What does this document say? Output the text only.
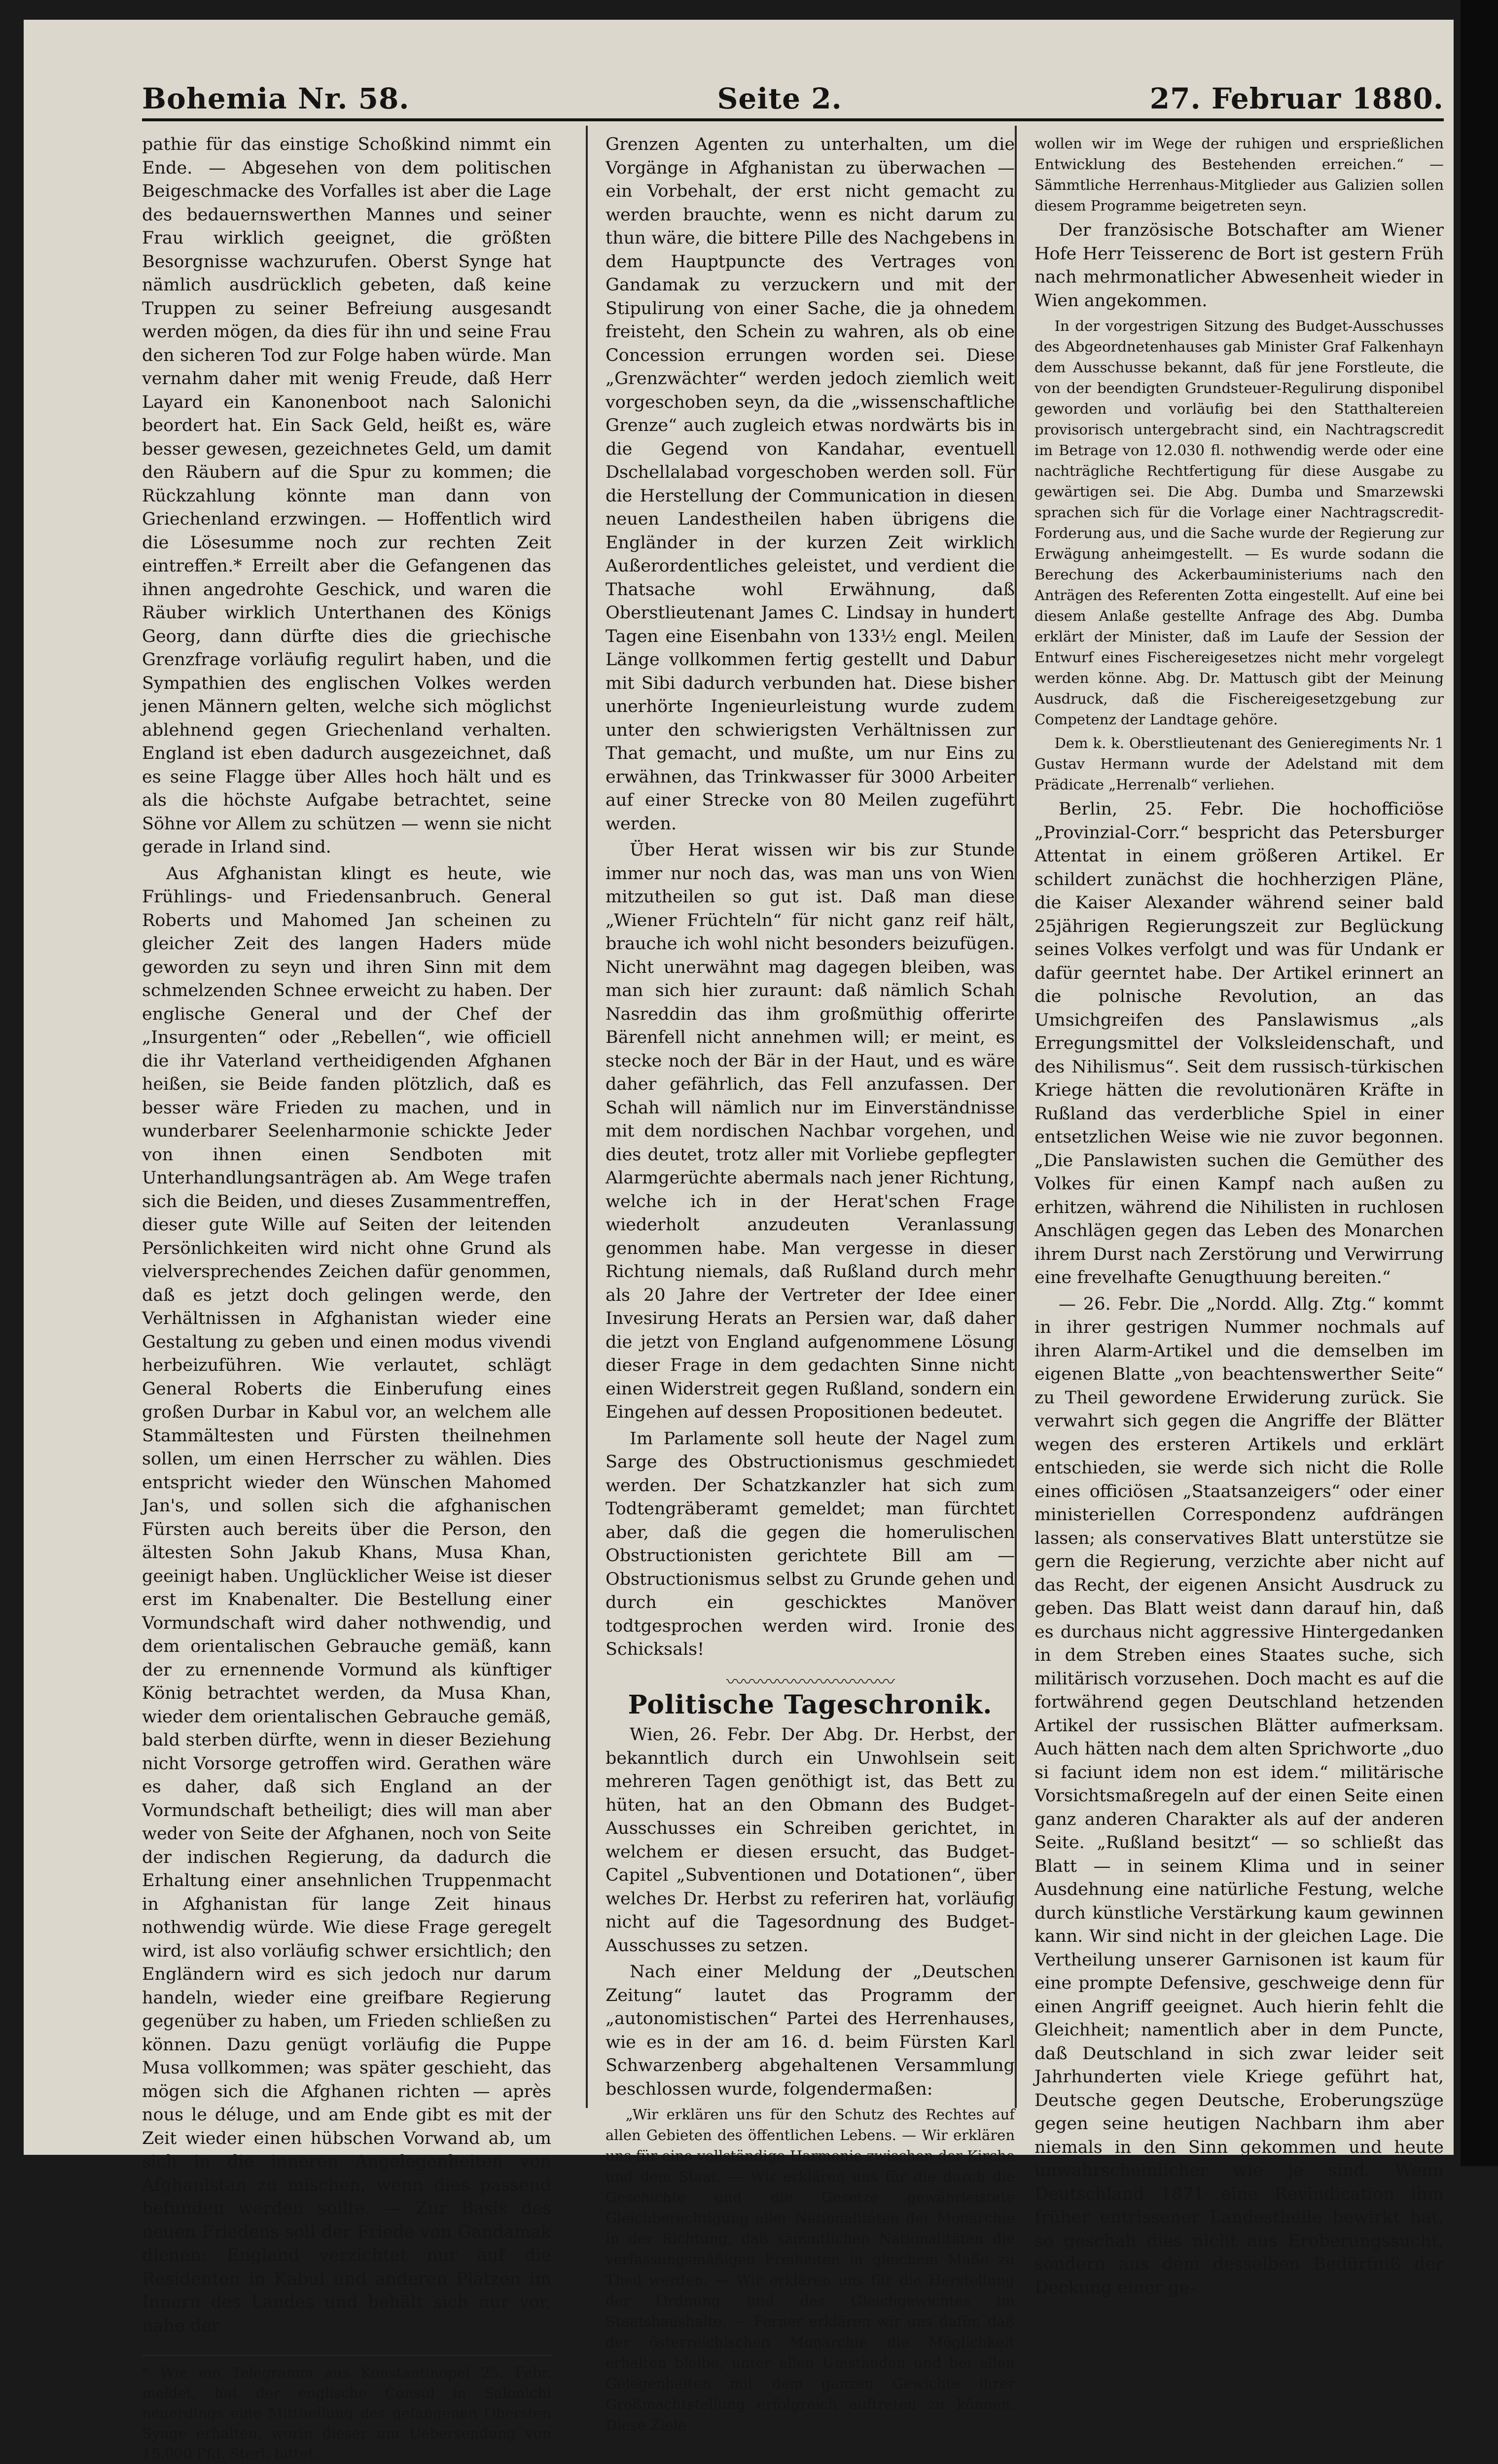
Bohemia Nr. 58.	Seite 2.	27. Februar 1880.

pathie für das einstige Schoßkind nimmt ein Ende. — Abgesehen von dem politischen Beigeschmacke des Vorfalles ist aber die Lage des bedauernswerthen Mannes und seiner Frau wirklich geeignet, die größten Besorgnisse wachzurufen. Oberst Synge hat nämlich ausdrücklich gebeten, daß keine Truppen zu seiner Befreiung ausgesandt werden mögen, da dies für ihn und seine Frau den sicheren Tod zur Folge haben würde. Man vernahm daher mit wenig Freude, daß Herr Layard ein Kanonenboot nach Salonichi beordert hat. Ein Sack Geld, heißt es, wäre besser gewesen, gezeichnetes Geld, um damit den Räubern auf die Spur zu kommen; die Rückzahlung könnte man dann von Griechenland erzwingen. — Hoffentlich wird die Lösesumme noch zur rechten Zeit eintreffen.* Erreilt aber die Gefangenen das ihnen angedrohte Geschick, und waren die Räuber wirklich Unterthanen des Königs Georg, dann dürfte dies die griechische Grenzfrage vorläufig regulirt haben, und die Sympathien des englischen Volkes werden jenen Männern gelten, welche sich möglichst ablehnend gegen Griechenland verhalten. England ist eben dadurch ausgezeichnet, daß es seine Flagge über Alles hoch hält und es als die höchste Aufgabe betrachtet, seine Söhne vor Allem zu schützen — wenn sie nicht gerade in Irland sind.

Aus Afghanistan klingt es heute, wie Frühlings- und Friedensanbruch. General Roberts und Mahomed Jan scheinen zu gleicher Zeit des langen Haders müde geworden zu seyn und ihren Sinn mit dem schmelzenden Schnee erweicht zu haben. Der englische General und der Chef der „Insurgenten“ oder „Rebellen“, wie officiell die ihr Vaterland vertheidigenden Afghanen heißen, sie Beide fanden plötzlich, daß es besser wäre Frieden zu machen, und in wunderbarer Seelenharmonie schickte Jeder von ihnen einen Sendboten mit Unterhandlungsanträgen ab. Am Wege trafen sich die Beiden, und dieses Zusammentreffen, dieser gute Wille auf Seiten der leitenden Persönlichkeiten wird nicht ohne Grund als vielversprechendes Zeichen dafür genommen, daß es jetzt doch gelingen werde, den Verhältnissen in Afghanistan wieder eine Gestaltung zu geben und einen modus vivendi herbeizuführen. Wie verlautet, schlägt General Roberts die Einberufung eines großen Durbar in Kabul vor, an welchem alle Stammältesten und Fürsten theilnehmen sollen, um einen Herrscher zu wählen. Dies entspricht wieder den Wünschen Mahomed Jan's, und sollen sich die afghanischen Fürsten auch bereits über die Person, den ältesten Sohn Jakub Khans, Musa Khan, geeinigt haben. Unglücklicher Weise ist dieser erst im Knabenalter. Die Bestellung einer Vormundschaft wird daher nothwendig, und dem orientalischen Gebrauche gemäß, kann der zu ernennende Vormund als künftiger König betrachtet werden, da Musa Khan, wieder dem orientalischen Gebrauche gemäß, bald sterben dürfte, wenn in dieser Beziehung nicht Vorsorge getroffen wird. Gerathen wäre es daher, daß sich England an der Vormundschaft betheiligt; dies will man aber weder von Seite der Afghanen, noch von Seite der indischen Regierung, da dadurch die Erhaltung einer ansehnlichen Truppenmacht in Afghanistan für lange Zeit hinaus nothwendig würde. Wie diese Frage geregelt wird, ist also vorläufig schwer ersichtlich; den Engländern wird es sich jedoch nur darum handeln, wieder eine greifbare Regierung gegenüber zu haben, um Frieden schließen zu können. Dazu genügt vorläufig die Puppe Musa vollkommen; was später geschieht, das mögen sich die Afghanen richten — après nous le déluge, und am Ende gibt es mit der Zeit wieder einen hübschen Vorwand ab, um sich in die inneren Angelegenheiten von Afghanistan zu mischen, wenn dies passend befunden werden sollte. — Zur Basis des neuen Friedens soll der Friede von Gandamak dienen; England verzichtet nur auf die Residenten in Kabul und anderen Plätzen im Innern des Landes und behält sich nur vor, nahe der

* Wie ein Telegramm aus Konstantinopel 25. Febr. meldet, hat der englische Consul in Salonichi neuerdings eine Mittheilung des gefangenen Obersten Synge erhalten, worin dieser um Uebersendung von 15.000 Pfd. Sterl. bittet.

Grenzen Agenten zu unterhalten, um die Vorgänge in Afghanistan zu überwachen — ein Vorbehalt, der erst nicht gemacht zu werden brauchte, wenn es nicht darum zu thun wäre, die bittere Pille des Nachgebens in dem Hauptpuncte des Vertrages von Gandamak zu verzuckern und mit der Stipulirung von einer Sache, die ja ohnedem freisteht, den Schein zu wahren, als ob eine Concession errungen worden sei. Diese „Grenzwächter“ werden jedoch ziemlich weit vorgeschoben seyn, da die „wissenschaftliche Grenze“ auch zugleich etwas nordwärts bis in die Gegend von Kandahar, eventuell Dschellalabad vorgeschoben werden soll. Für die Herstellung der Communication in diesen neuen Landestheilen haben übrigens die Engländer in der kurzen Zeit wirklich Außerordentliches geleistet, und verdient die Thatsache wohl Erwähnung, daß Oberstlieutenant James C. Lindsay in hundert Tagen eine Eisenbahn von 133½ engl. Meilen Länge vollkommen fertig gestellt und Dabur mit Sibi dadurch verbunden hat. Diese bisher unerhörte Ingenieurleistung wurde zudem unter den schwierigsten Verhältnissen zur That gemacht, und mußte, um nur Eins zu erwähnen, das Trinkwasser für 3000 Arbeiter auf einer Strecke von 80 Meilen zugeführt werden.

Über Herat wissen wir bis zur Stunde immer nur noch das, was man uns von Wien mitzutheilen so gut ist. Daß man diese „Wiener Früchteln“ für nicht ganz reif hält, brauche ich wohl nicht besonders beizufügen. Nicht unerwähnt mag dagegen bleiben, was man sich hier zuraunt: daß nämlich Schah Nasreddin das ihm großmüthig offerirte Bärenfell nicht annehmen will; er meint, es stecke noch der Bär in der Haut, und es wäre daher gefährlich, das Fell anzufassen. Der Schah will nämlich nur im Einverständnisse mit dem nordischen Nachbar vorgehen, und dies deutet, trotz aller mit Vorliebe gepflegter Alarmgerüchte abermals nach jener Richtung, welche ich in der Herat'schen Frage wiederholt anzudeuten Veranlassung genommen habe. Man vergesse in dieser Richtung niemals, daß Rußland durch mehr als 20 Jahre der Vertreter der Idee einer Invesirung Herats an Persien war, daß daher die jetzt von England aufgenommene Lösung dieser Frage in dem gedachten Sinne nicht einen Widerstreit gegen Rußland, sondern ein Eingehen auf dessen Propositionen bedeutet.

Im Parlamente soll heute der Nagel zum Sarge des Obstructionismus geschmiedet werden. Der Schatzkanzler hat sich zum Todtengräberamt gemeldet; man fürchtet aber, daß die gegen die homerulischen Obstructionisten gerichtete Bill am — Obstructionismus selbst zu Grunde gehen und durch ein geschicktes Manöver todtgesprochen werden wird. Ironie des Schicksals!

〰〰〰〰〰〰〰〰〰〰
Politische Tageschronik.

Wien, 26. Febr. Der Abg. Dr. Herbst, der bekanntlich durch ein Unwohlsein seit mehreren Tagen genöthigt ist, das Bett zu hüten, hat an den Obmann des Budget-Ausschusses ein Schreiben gerichtet, in welchem er diesen ersucht, das Budget-Capitel „Subventionen und Dotationen“, über welches Dr. Herbst zu referiren hat, vorläufig nicht auf die Tagesordnung des Budget-Ausschusses zu setzen.

Nach einer Meldung der „Deutschen Zeitung“ lautet das Programm der „autonomistischen“ Partei des Herrenhauses, wie es in der am 16. d. beim Fürsten Karl Schwarzenberg abgehaltenen Versammlung beschlossen wurde, folgendermaßen:

„Wir erklären uns für den Schutz des Rechtes auf allen Gebieten des öffentlichen Lebens. — Wir erklären uns für eine vollständige Harmonie zwischen der Kirche und dem Staat. — Wir erklären uns für die durch die Geschichte und die Gesetze gewährleistete Gleichberechtigung aller Nationalitäten der Monarchie in der Richtung, daß sämmtlichen Nationalitäten die verfassungsmäßigen Freiheiten in gleichem Maße zu Theil werden. — Wir erklären uns für die Herstellung der Ordnung und des Gleichgewichtes im Staatshaushalte. — Ferner erklären wir uns dafür, daß der österreichischen Monarchie die Möglichkeit erhalten bleibe, unter allen Umständen und bei allen Gelegenheiten mit dem ganzen Gewichte ihrer Großmachtstellung erfolgreich auftreten zu können. Diese Ziele

wollen wir im Wege der ruhigen und ersprießlichen Entwicklung des Bestehenden erreichen.“ — Sämmtliche Herrenhaus-Mitglieder aus Galizien sollen diesem Programme beigetreten seyn.

Der französische Botschafter am Wiener Hofe Herr Teisserenc de Bort ist gestern Früh nach mehrmonatlicher Abwesenheit wieder in Wien angekommen.

In der vorgestrigen Sitzung des Budget-Ausschusses des Abgeordnetenhauses gab Minister Graf Falkenhayn dem Ausschusse bekannt, daß für jene Forstleute, die von der beendigten Grundsteuer-Regulirung disponibel geworden und vorläufig bei den Statthaltereien provisorisch untergebracht sind, ein Nachtragscredit im Betrage von 12.030 fl. nothwendig werde oder eine nachträgliche Rechtfertigung für diese Ausgabe zu gewärtigen sei. Die Abg. Dumba und Smarzewski sprachen sich für die Vorlage einer Nachtragscredit-Forderung aus, und die Sache wurde der Regierung zur Erwägung anheimgestellt. — Es wurde sodann die Berechung des Ackerbauministeriums nach den Anträgen des Referenten Zotta eingestellt. Auf eine bei diesem Anlaße gestellte Anfrage des Abg. Dumba erklärt der Minister, daß im Laufe der Session der Entwurf eines Fischereigesetzes nicht mehr vorgelegt werden könne. Abg. Dr. Mattusch gibt der Meinung Ausdruck, daß die Fischereigesetzgebung zur Competenz der Landtage gehöre.

Dem k. k. Oberstlieutenant des Genieregiments Nr. 1 Gustav Hermann wurde der Adelstand mit dem Prädicate „Herrenalb“ verliehen.

Berlin, 25. Febr. Die hochofficiöse „Provinzial-Corr.“ bespricht das Petersburger Attentat in einem größeren Artikel. Er schildert zunächst die hochherzigen Pläne, die Kaiser Alexander während seiner bald 25jährigen Regierungszeit zur Beglückung seines Volkes verfolgt und was für Undank er dafür geerntet habe. Der Artikel erinnert an die polnische Revolution, an das Umsichgreifen des Panslawismus „als Erregungsmittel der Volksleidenschaft, und des Nihilismus“. Seit dem russisch-türkischen Kriege hätten die revolutionären Kräfte in Rußland das verderbliche Spiel in einer entsetzlichen Weise wie nie zuvor begonnen. „Die Panslawisten suchen die Gemüther des Volkes für einen Kampf nach außen zu erhitzen, während die Nihilisten in ruchlosen Anschlägen gegen das Leben des Monarchen ihrem Durst nach Zerstörung und Verwirrung eine frevelhafte Genugthuung bereiten.“

— 26. Febr. Die „Nordd. Allg. Ztg.“ kommt in ihrer gestrigen Nummer nochmals auf ihren Alarm-Artikel und die demselben im eigenen Blatte „von beachtenswerther Seite“ zu Theil gewordene Erwiderung zurück. Sie verwahrt sich gegen die Angriffe der Blätter wegen des ersteren Artikels und erklärt entschieden, sie werde sich nicht die Rolle eines officiösen „Staatsanzeigers“ oder einer ministeriellen Correspondenz aufdrängen lassen; als conservatives Blatt unterstütze sie gern die Regierung, verzichte aber nicht auf das Recht, der eigenen Ansicht Ausdruck zu geben. Das Blatt weist dann darauf hin, daß es durchaus nicht aggressive Hintergedanken in dem Streben eines Staates suche, sich militärisch vorzusehen. Doch macht es auf die fortwährend gegen Deutschland hetzenden Artikel der russischen Blätter aufmerksam. Auch hätten nach dem alten Sprichworte „duo si faciunt idem non est idem.“ militärische Vorsichtsmaßregeln auf der einen Seite einen ganz anderen Charakter als auf der anderen Seite. „Rußland besitzt“ — so schließt das Blatt — in seinem Klima und in seiner Ausdehnung eine natürliche Festung, welche durch künstliche Verstärkung kaum gewinnen kann. Wir sind nicht in der gleichen Lage. Die Vertheilung unserer Garnisonen ist kaum für eine prompte Defensive, geschweige denn für einen Angriff geeignet. Auch hierin fehlt die Gleichheit; namentlich aber in dem Puncte, daß Deutschland in sich zwar leider seit Jahrhunderten viele Kriege geführt hat, Deutsche gegen Deutsche, Eroberungszüge gegen seine heutigen Nachbarn ihm aber niemals in den Sinn gekommen und heute unwahrscheinlicher wie je sind. Wenn Deutschland 1871 eine Revindication ihm früher entrissener Landestheile bewirkt hat, so geschah dies nicht aus Eroberungssucht, sondern aus dem desselben Bedürfniß der Deckung einer ge-
